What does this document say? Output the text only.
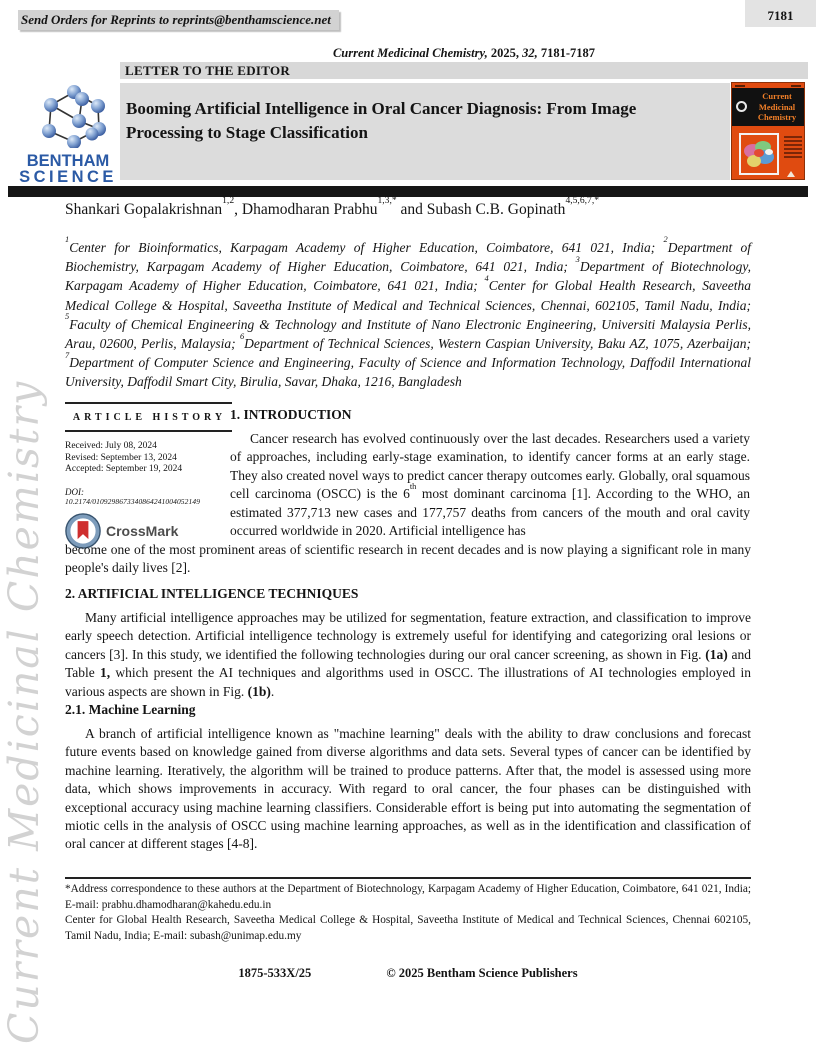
Send Orders for Reprints to reprints@benthamscience.net	7181
Current Medicinal Chemistry, 2025, 32, 7181-7187
LETTER TO THE EDITOR
BENTHAM
SCIENCE
Booming Artificial Intelligence in Oral Cancer Diagnosis: From Image Processing to Stage Classification
Current
Medicinal
Chemistry
Shankari Gopalakrishnan$^{1,2}$, Dhamodharan Prabhu$^{1,3,*}$ and Subash C.B. Gopinath$^{4,5,6,7,*}$
$^1$Center for Bioinformatics, Karpagam Academy of Higher Education, Coimbatore, 641 021, India; $^2$Department of Biochemistry, Karpagam Academy of Higher Education, Coimbatore, 641 021, India; $^3$Department of Biotechnology, Karpagam Academy of Higher Education, Coimbatore, 641 021, India; $^4$Center for Global Health Research, Saveetha Medical College & Hospital, Saveetha Institute of Medical and Technical Sciences, Chennai, 602105, Tamil Nadu, India; $^5$Faculty of Chemical Engineering & Technology and Institute of Nano Electronic Engineering, Universiti Malaysia Perlis, Arau, 02600, Perlis, Malaysia; $^6$Department of Technical Sciences, Western Caspian University, Baku AZ, 1075, Azerbaijan; $^7$Department of Computer Science and Engineering, Faculty of Science and Information Technology, Daffodil International University, Daffodil Smart City, Birulia, Savar, Dhaka, 1216, Bangladesh
ARTICLE HISTORY
Received: July 08, 2024
Revised: September 13, 2024
Accepted: September 19, 2024
DOI:
10.2174/0109298673340864241004052149
CrossMark
1. INTRODUCTION
Cancer research has evolved continuously over the last decades. Researchers used a variety of approaches, including early-stage examination, to identify cancer forms at an early stage. They also created novel ways to predict cancer therapy outcomes early. Globally, oral squamous cell carcinoma (OSCC) is the 6th most dominant carcinoma [1]. According to the WHO, an estimated 377,713 new cases and 177,757 deaths from cancers of the mouth and oral cavity occurred worldwide in 2020. Artificial intelligence has
become one of the most prominent areas of scientific research in recent decades and is now playing a significant role in many people's daily lives [2].
2. ARTIFICIAL INTELLIGENCE TECHNIQUES
Many artificial intelligence approaches may be utilized for segmentation, feature extraction, and classification to improve early speech detection. Artificial intelligence technology is extremely useful for identifying and categorizing oral lesions or cancers [3]. In this study, we identified the following technologies during our oral cancer screening, as shown in Fig. (1a) and Table 1, which present the AI techniques and algorithms used in OSCC. The illustrations of AI technologies employed in various aspects are shown in Fig. (1b).
2.1. Machine Learning
A branch of artificial intelligence known as "machine learning" deals with the ability to draw conclusions and forecast future events based on knowledge gained from diverse algorithms and data sets. Several types of cancer can be identified by machine learning. Iteratively, the algorithm will be trained to produce patterns. After that, the model is assessed using more data, which shows improvements in accuracy. With regard to oral cancer, the four phases can be distinguished with exceptional accuracy using machine learning classifiers. Considerable effort is being put into automating the segmentation of miotic cells in the analysis of OSCC using machine learning approaches, as well as in the identification and classification of oral cancer at different stages [4-8].

*Address correspondence to these authors at the Department of Biotechnology, Karpagam Academy of Higher Education, Coimbatore, 641 021, India; E-mail: prabhu.dhamodharan@kahedu.edu.in

Center for Global Health Research, Saveetha Medical College & Hospital, Saveetha Institute of Medical and Technical Sciences, Chennai 602105, Tamil Nadu, India; E-mail: subash@unimap.edu.my

1875-533X/25	© 2025 Bentham Science Publishers
Current Medicinal Chemistry
